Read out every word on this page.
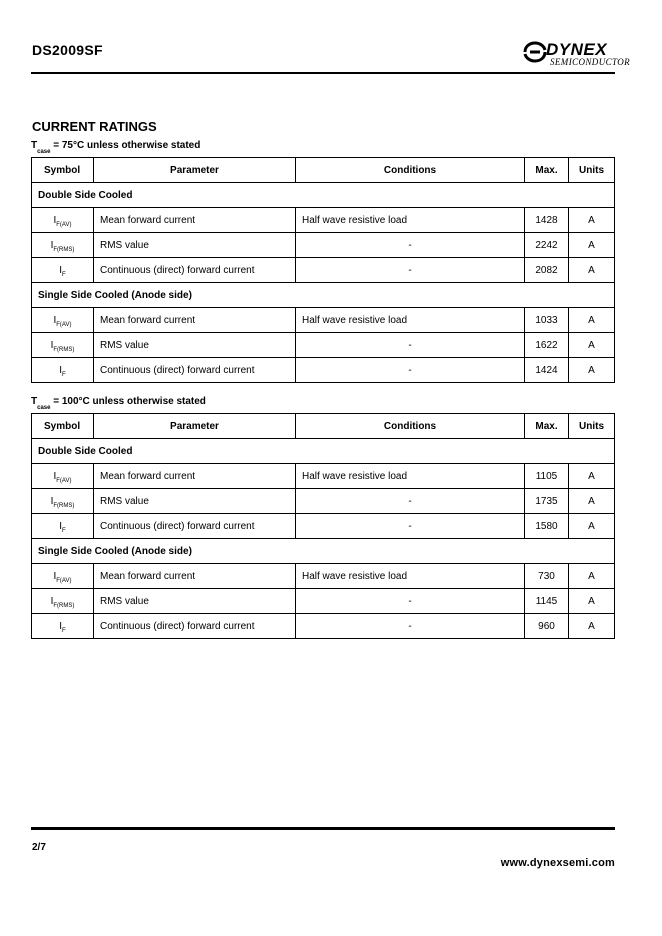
DS2009SF	DYNEX
SEMICONDUCTOR
CURRENT RATINGS
$T_{case} = 75^\circ C$ unless otherwise stated
Symbol	Parameter	Conditions	Max.	Units
Double Side Cooled				
$I_{F(AV)}$	Mean forward current	Half wave resistive load	1428	A
$I_{F(RMS)}$	RMS value	-	2242	A
$I_F$	Continuous (direct) forward current	-	2082	A
Single Side Cooled (Anode side)				
$I_{F(AV)}$	Mean forward current	Half wave resistive load	1033	A
$I_{F(RMS)}$	RMS value	-	1622	A
$I_F$	Continuous (direct) forward current	-	1424	A
$T_{case} = 100^\circ C$ unless otherwise stated
Symbol	Parameter	Conditions	Max.	Units
Double Side Cooled				
$I_{F(AV)}$	Mean forward current	Half wave resistive load	1105	A
$I_{F(RMS)}$	RMS value	-	1735	A
$I_F$	Continuous (direct) forward current	-	1580	A
Single Side Cooled (Anode side)				
$I_{F(AV)}$	Mean forward current	Half wave resistive load	730	A
$I_{F(RMS)}$	RMS value	-	1145	A
$I_F$	Continuous (direct) forward current	-	960	A
2/7
www.dynexsemi.com
